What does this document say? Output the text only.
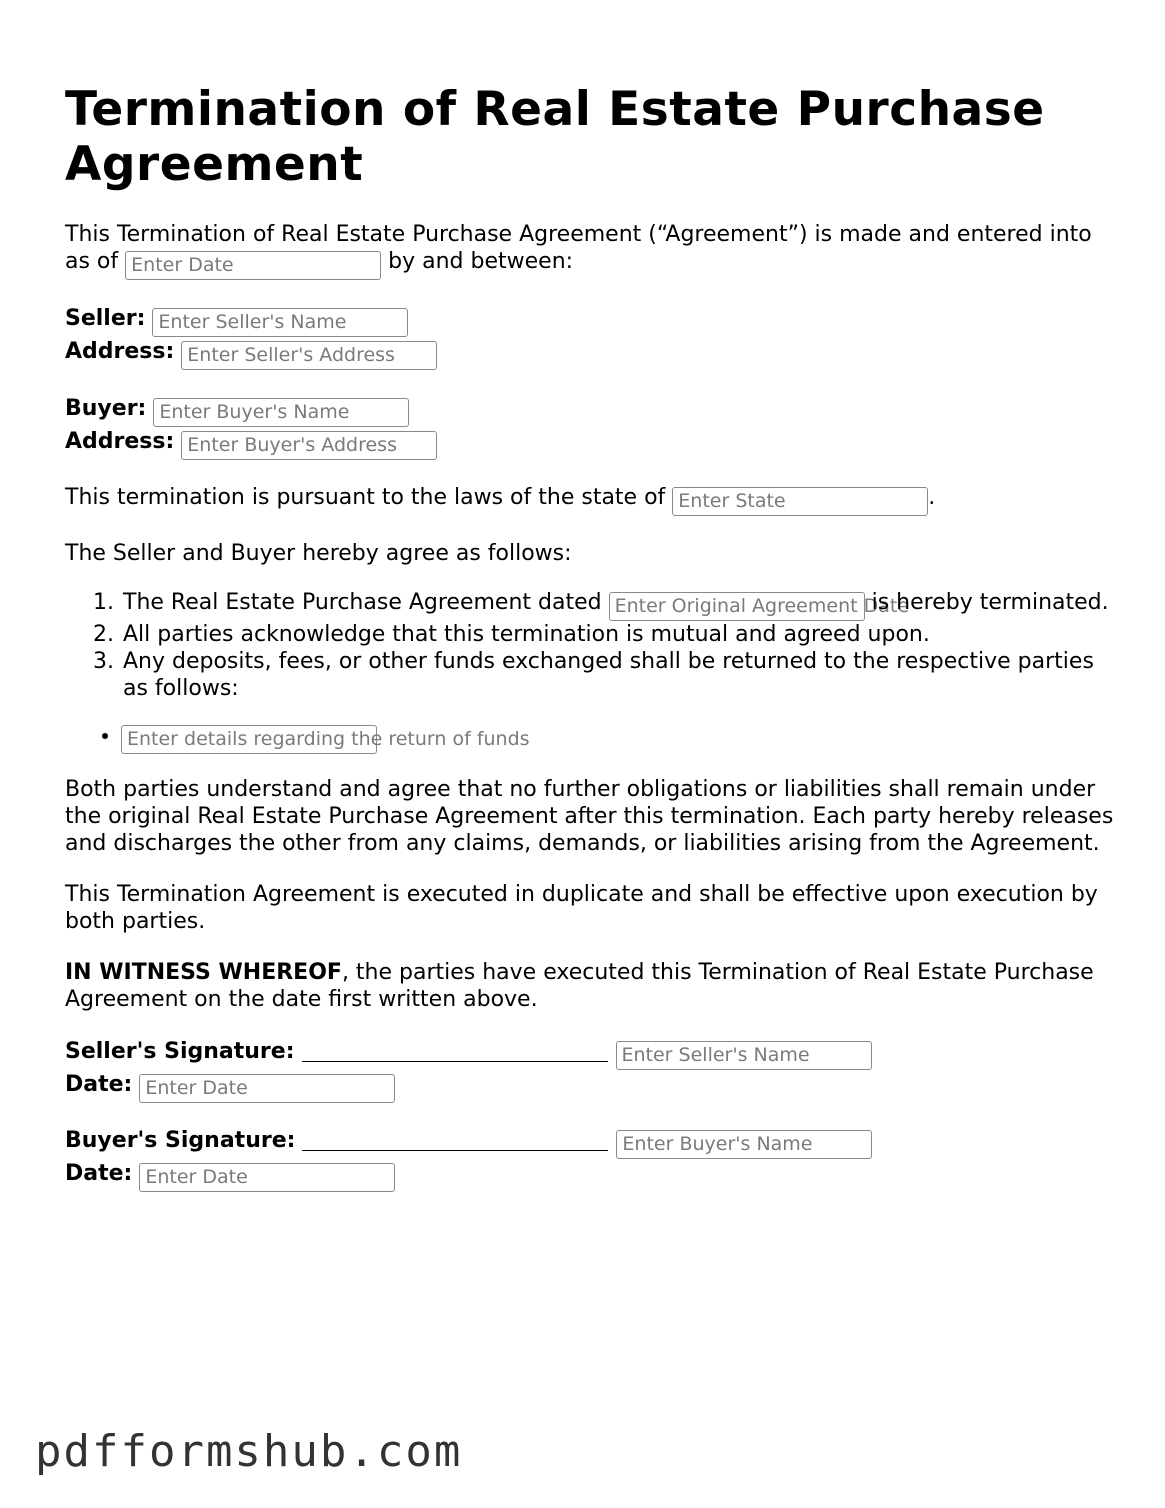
Termination of Real Estate Purchase Agreement

This Termination of Real Estate Purchase Agreement (“Agreement”) is made and entered into as of Enter Date	by and between:

Seller: Enter Seller's Name

Address: Enter Seller's Address

Buyer: Enter Buyer's Name

Address: Enter Buyer's Address

This termination is pursuant to the laws of the state of Enter State	.

The Seller and Buyer hereby agree as follows:

1. The Real Estate Purchase Agreement dated Enter Original Agreement Date is hereby terminated.
2. All parties acknowledge that this termination is mutual and agreed upon.
3. Any deposits, fees, or other funds exchanged shall be returned to the respective parties as follows:
• Enter details regarding the return of funds

Both parties understand and agree that no further obligations or liabilities shall remain under the original Real Estate Purchase Agreement after this termination. Each party hereby releases and discharges the other from any claims, demands, or liabilities arising from the Agreement.

This Termination Agreement is executed in duplicate and shall be effective upon execution by both parties.

IN WITNESS WHEREOF, the parties have executed this Termination of Real Estate Purchase Agreement on the date first written above.

Seller's Signature:	Enter Seller's Name

Date: Enter Date

Buyer's Signature:	Enter Buyer's Name

Date: Enter Date

pdfformshub.com
